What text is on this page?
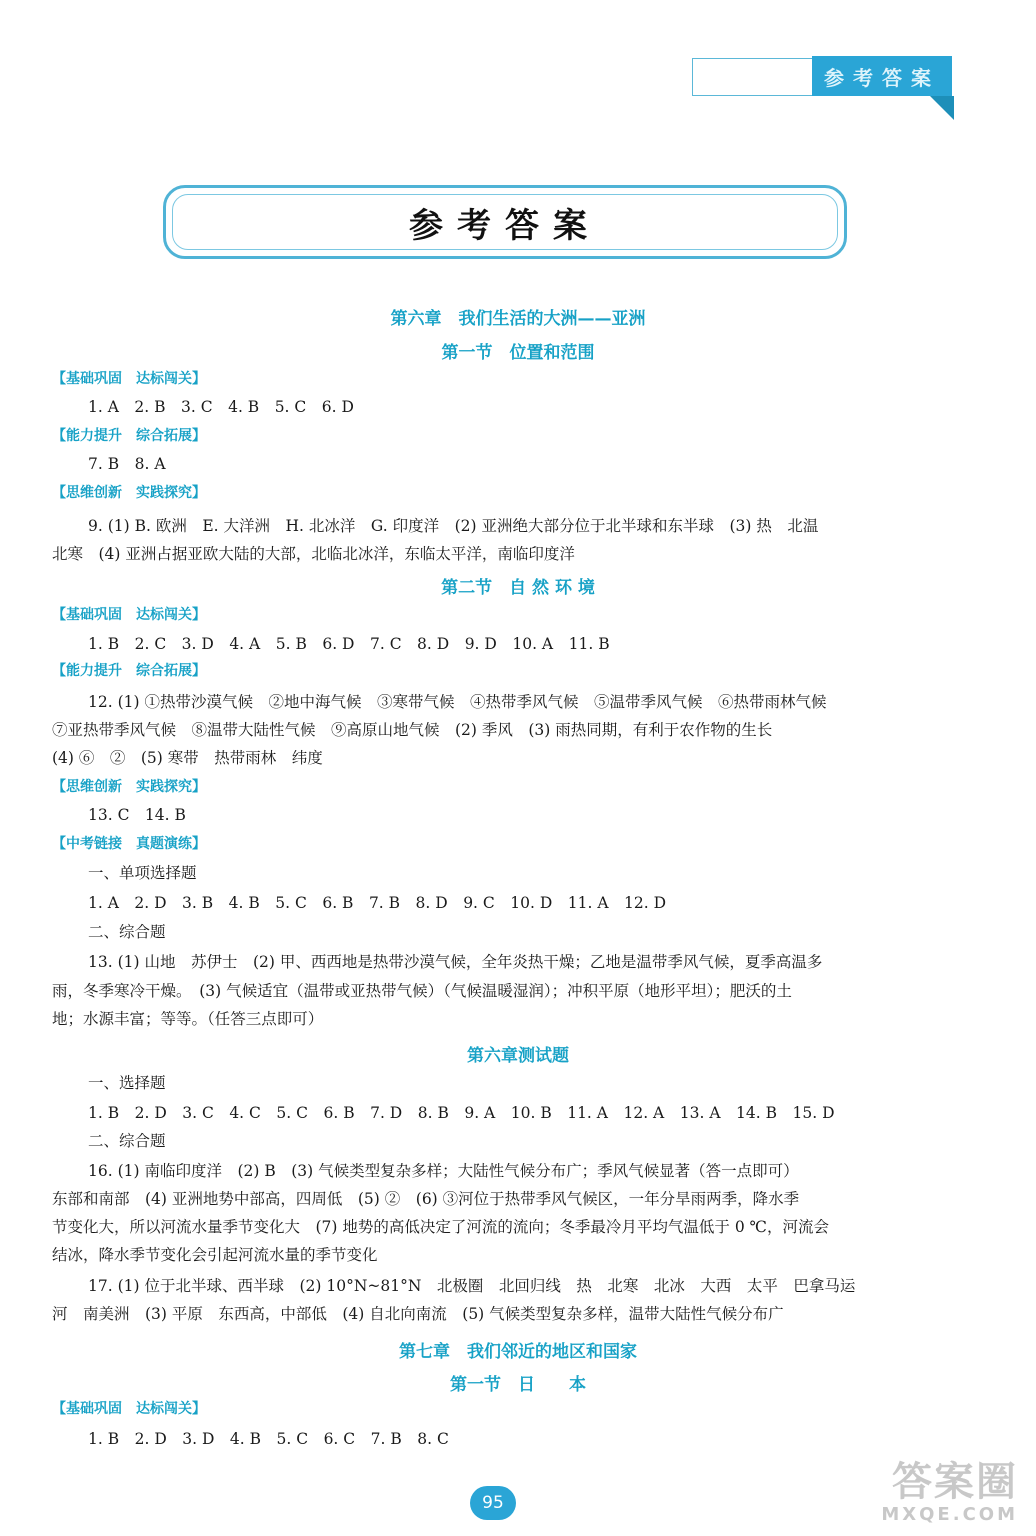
参考答案
参考答案
第六章　我们生活的大洲——亚洲
第一节　位置和范围
【基础巩固　达标闯关】
1. A　2. B　3. C　4. B　5. C　6. D
【能力提升　综合拓展】
7. B　8. A
【思维创新　实践探究】
9. (1) B. 欧洲　E. 大洋洲　H. 北冰洋　G. 印度洋　(2) 亚洲绝大部分位于北半球和东半球　(3) 热　北温
北寒　(4) 亚洲占据亚欧大陆的大部，北临北冰洋，东临太平洋，南临印度洋
第二节　自 然 环 境
【基础巩固　达标闯关】
1. B　2. C　3. D　4. A　5. B　6. D　7. C　8. D　9. D　10. A　11. B
【能力提升　综合拓展】
12. (1) ①热带沙漠气候　②地中海气候　③寒带气候　④热带季风气候　⑤温带季风气候　⑥热带雨林气候
⑦亚热带季风气候　⑧温带大陆性气候　⑨高原山地气候　(2) 季风　(3) 雨热同期，有利于农作物的生长
(4) ⑥　②　(5) 寒带　热带雨林　纬度
【思维创新　实践探究】
13. C　14. B
【中考链接　真题演练】
一、单项选择题
1. A　2. D　3. B　4. B　5. C　6. B　7. B　8. D　9. C　10. D　11. A　12. D
二、综合题
13. (1) 山地　苏伊士　(2) 甲、西西地是热带沙漠气候，全年炎热干燥；乙地是温带季风气候，夏季高温多
雨，冬季寒冷干燥。　(3) 气候适宜（温带或亚热带气候）（气候温暖湿润）；冲积平原（地形平坦）；肥沃的土
地；水源丰富；等等。（任答三点即可）
第六章测试题
一、选择题
1. B　2. D　3. C　4. C　5. C　6. B　7. D　8. B　9. A　10. B　11. A　12. A　13. A　14. B　15. D
二、综合题
16. (1) 南临印度洋　(2) B　(3) 气候类型复杂多样；大陆性气候分布广；季风气候显著（答一点即可）
东部和南部　(4) 亚洲地势中部高，四周低　(5) ②　(6) ③河位于热带季风气候区，一年分旱雨两季，降水季
节变化大，所以河流水量季节变化大　(7) 地势的高低决定了河流的流向；冬季最冷月平均气温低于 0 ℃，河流会
结冰，降水季节变化会引起河流水量的季节变化
17. (1) 位于北半球、西半球　(2) 10°N~81°N　北极圈　北回归线　热　北寒　北冰　大西　太平　巴拿马运
河　南美洲　(3) 平原　东西高，中部低　(4) 自北向南流　(5) 气候类型复杂多样，温带大陆性气候分布广
第七章　我们邻近的地区和国家
第一节　日　　本
【基础巩固　达标闯关】
1. B　2. D　3. D　4. B　5. C　6. C　7. B　8. C
95	答案圈
MXQE.COM
